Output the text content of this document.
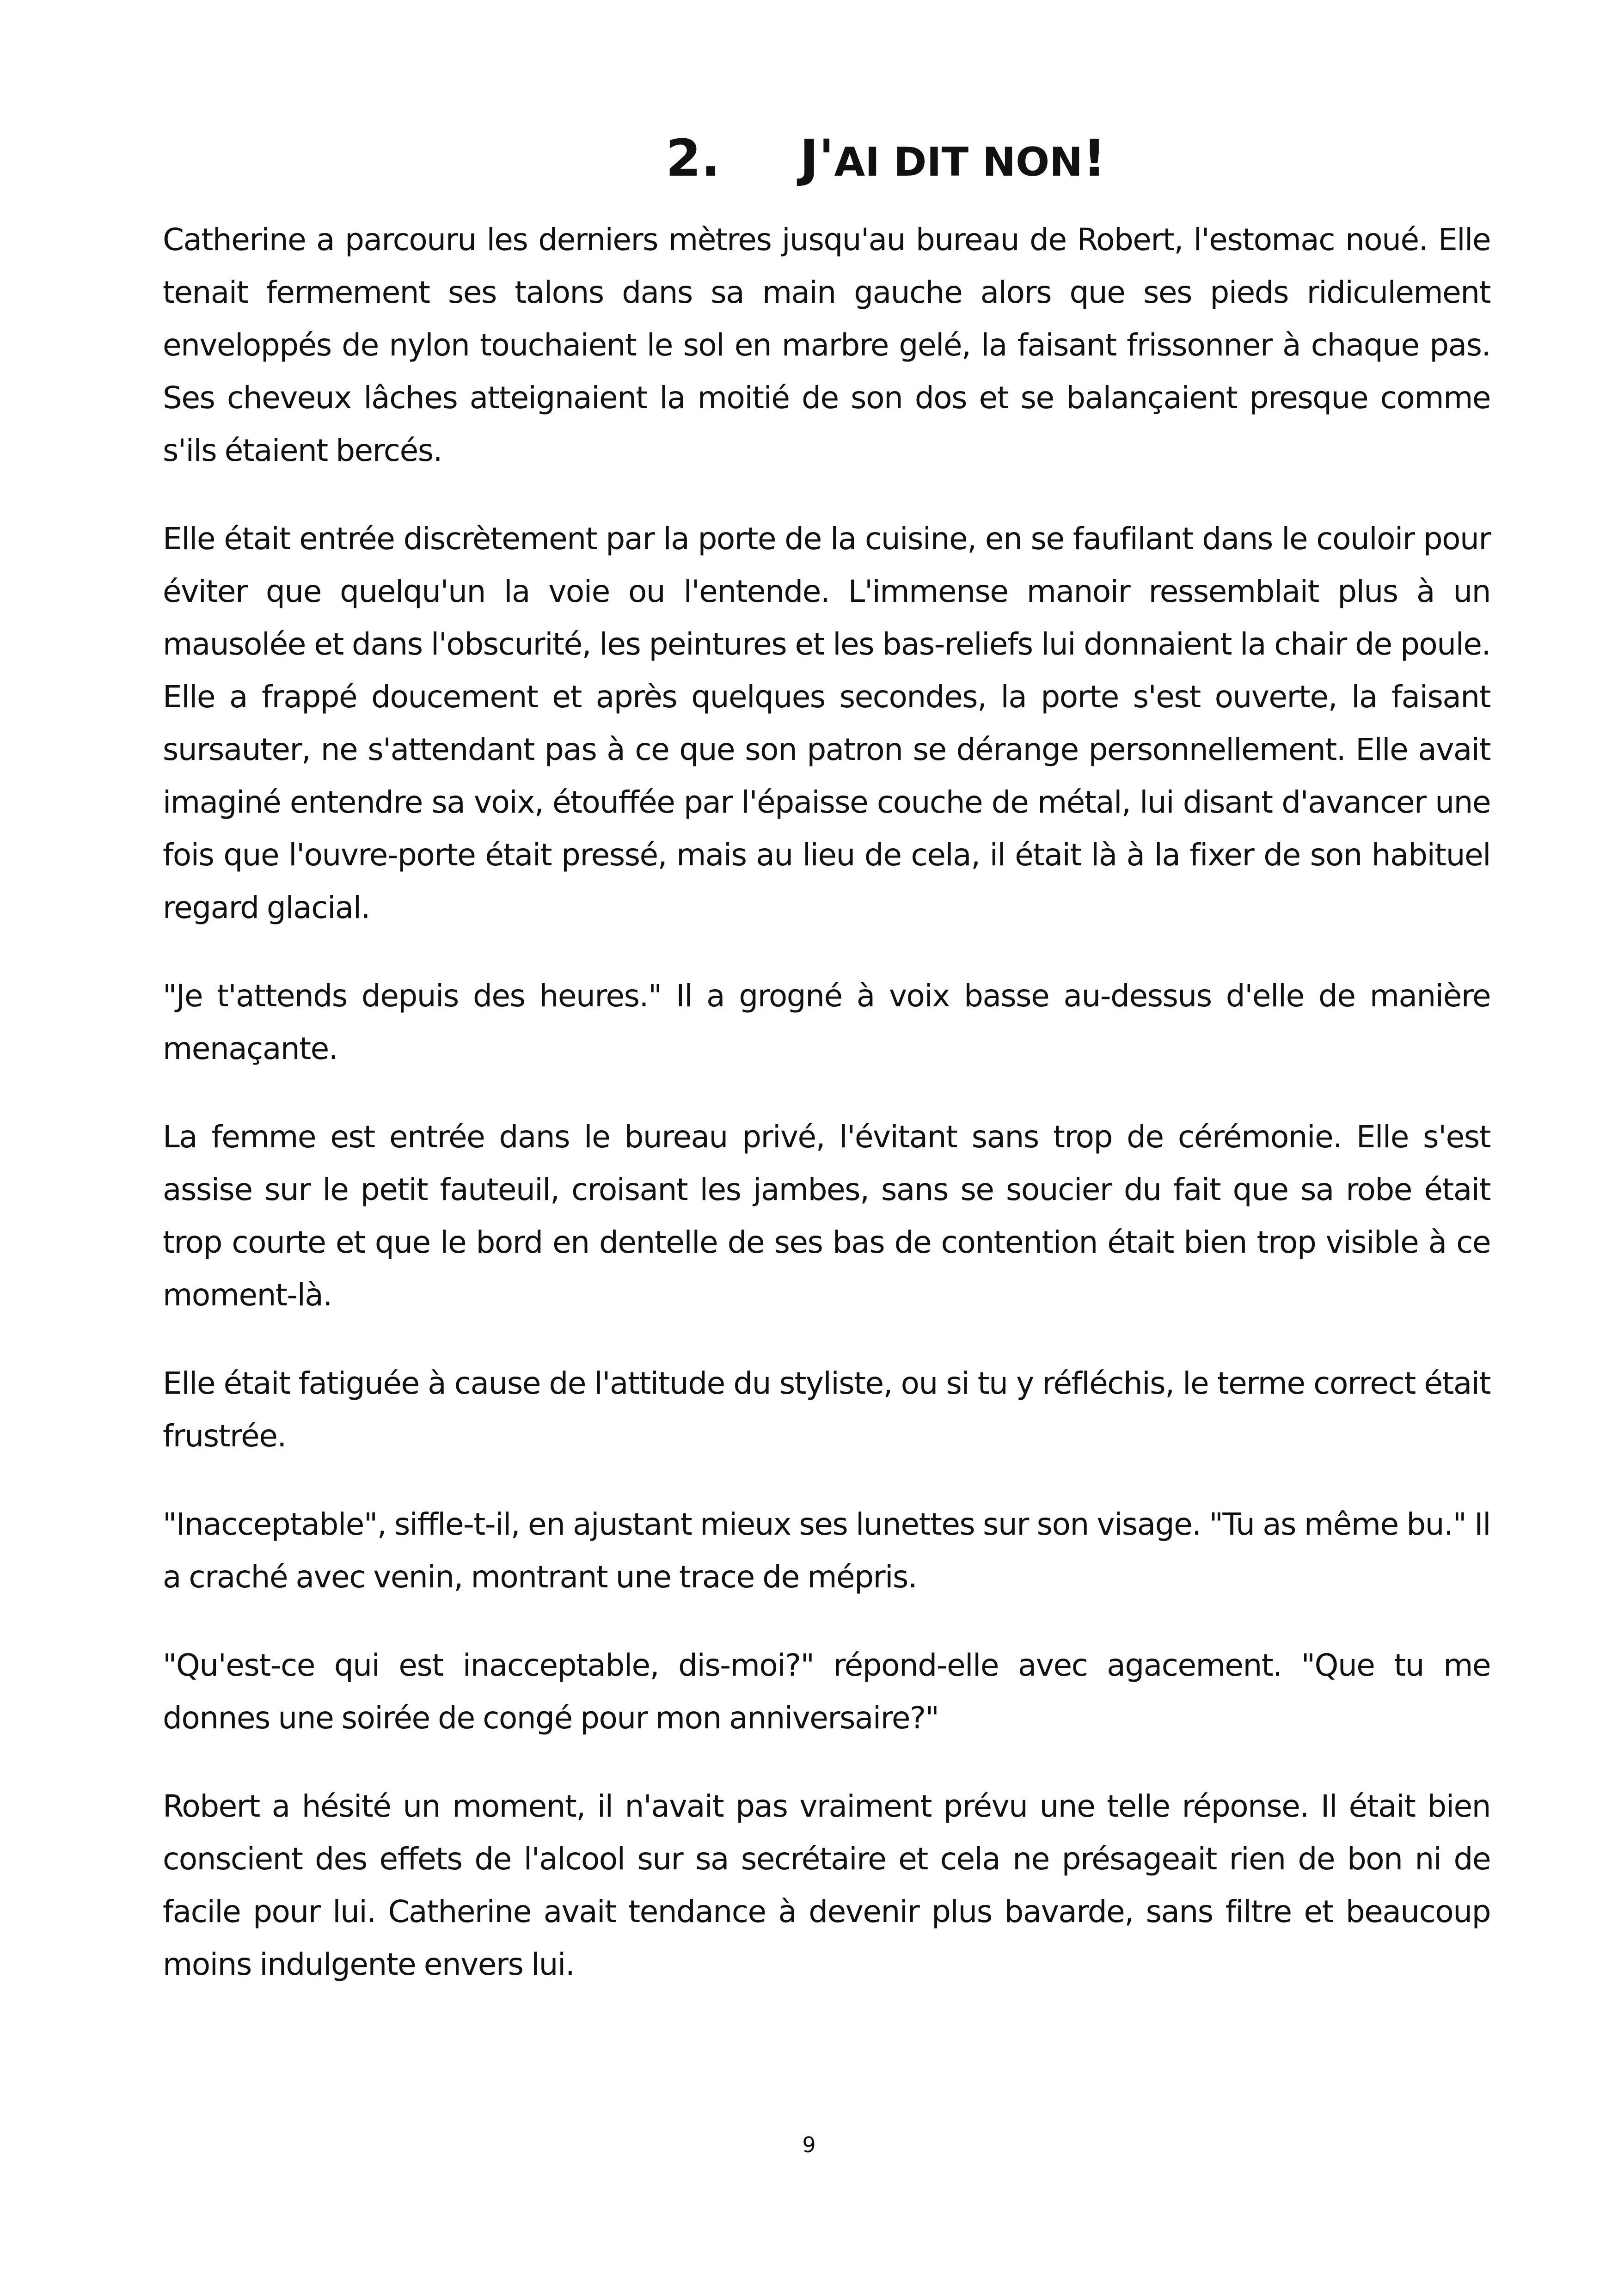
2. J'AI DIT NON!

Catherine a parcouru les derniers mètres jusqu'au bureau de Robert, l'estomac noué. Elle tenait fermement ses talons dans sa main gauche alors que ses pieds ridiculement enveloppés de nylon touchaient le sol en marbre gelé, la faisant frissonner à chaque pas. Ses cheveux lâches atteignaient la moitié de son dos et se balançaient presque comme s'ils étaient bercés.

Elle était entrée discrètement par la porte de la cuisine, en se faufilant dans le couloir pour éviter que quelqu'un la voie ou l'entende. L'immense manoir ressemblait plus à un mausolée et dans l'obscurité, les peintures et les bas-reliefs lui donnaient la chair de poule. Elle a frappé doucement et après quelques secondes, la porte s'est ouverte, la faisant sursauter, ne s'attendant pas à ce que son patron se dérange personnellement. Elle avait imaginé entendre sa voix, étouffée par l'épaisse couche de métal, lui disant d'avancer une fois que l'ouvre-porte était pressé, mais au lieu de cela, il était là à la fixer de son habituel regard glacial.

"Je t'attends depuis des heures." Il a grogné à voix basse au-dessus d'elle de manière menaçante.

La femme est entrée dans le bureau privé, l'évitant sans trop de cérémonie. Elle s'est assise sur le petit fauteuil, croisant les jambes, sans se soucier du fait que sa robe était trop courte et que le bord en dentelle de ses bas de contention était bien trop visible à ce moment-là.

Elle était fatiguée à cause de l'attitude du styliste, ou si tu y réfléchis, le terme correct était frustrée.

"Inacceptable", siffle-t-il, en ajustant mieux ses lunettes sur son visage. "Tu as même bu." Il a craché avec venin, montrant une trace de mépris.

"Qu'est-ce qui est inacceptable, dis-moi?" répond-elle avec agacement. "Que tu me donnes une soirée de congé pour mon anniversaire?"

Robert a hésité un moment, il n'avait pas vraiment prévu une telle réponse. Il était bien conscient des effets de l'alcool sur sa secrétaire et cela ne présageait rien de bon ni de facile pour lui. Catherine avait tendance à devenir plus bavarde, sans filtre et beaucoup moins indulgente envers lui.

9
